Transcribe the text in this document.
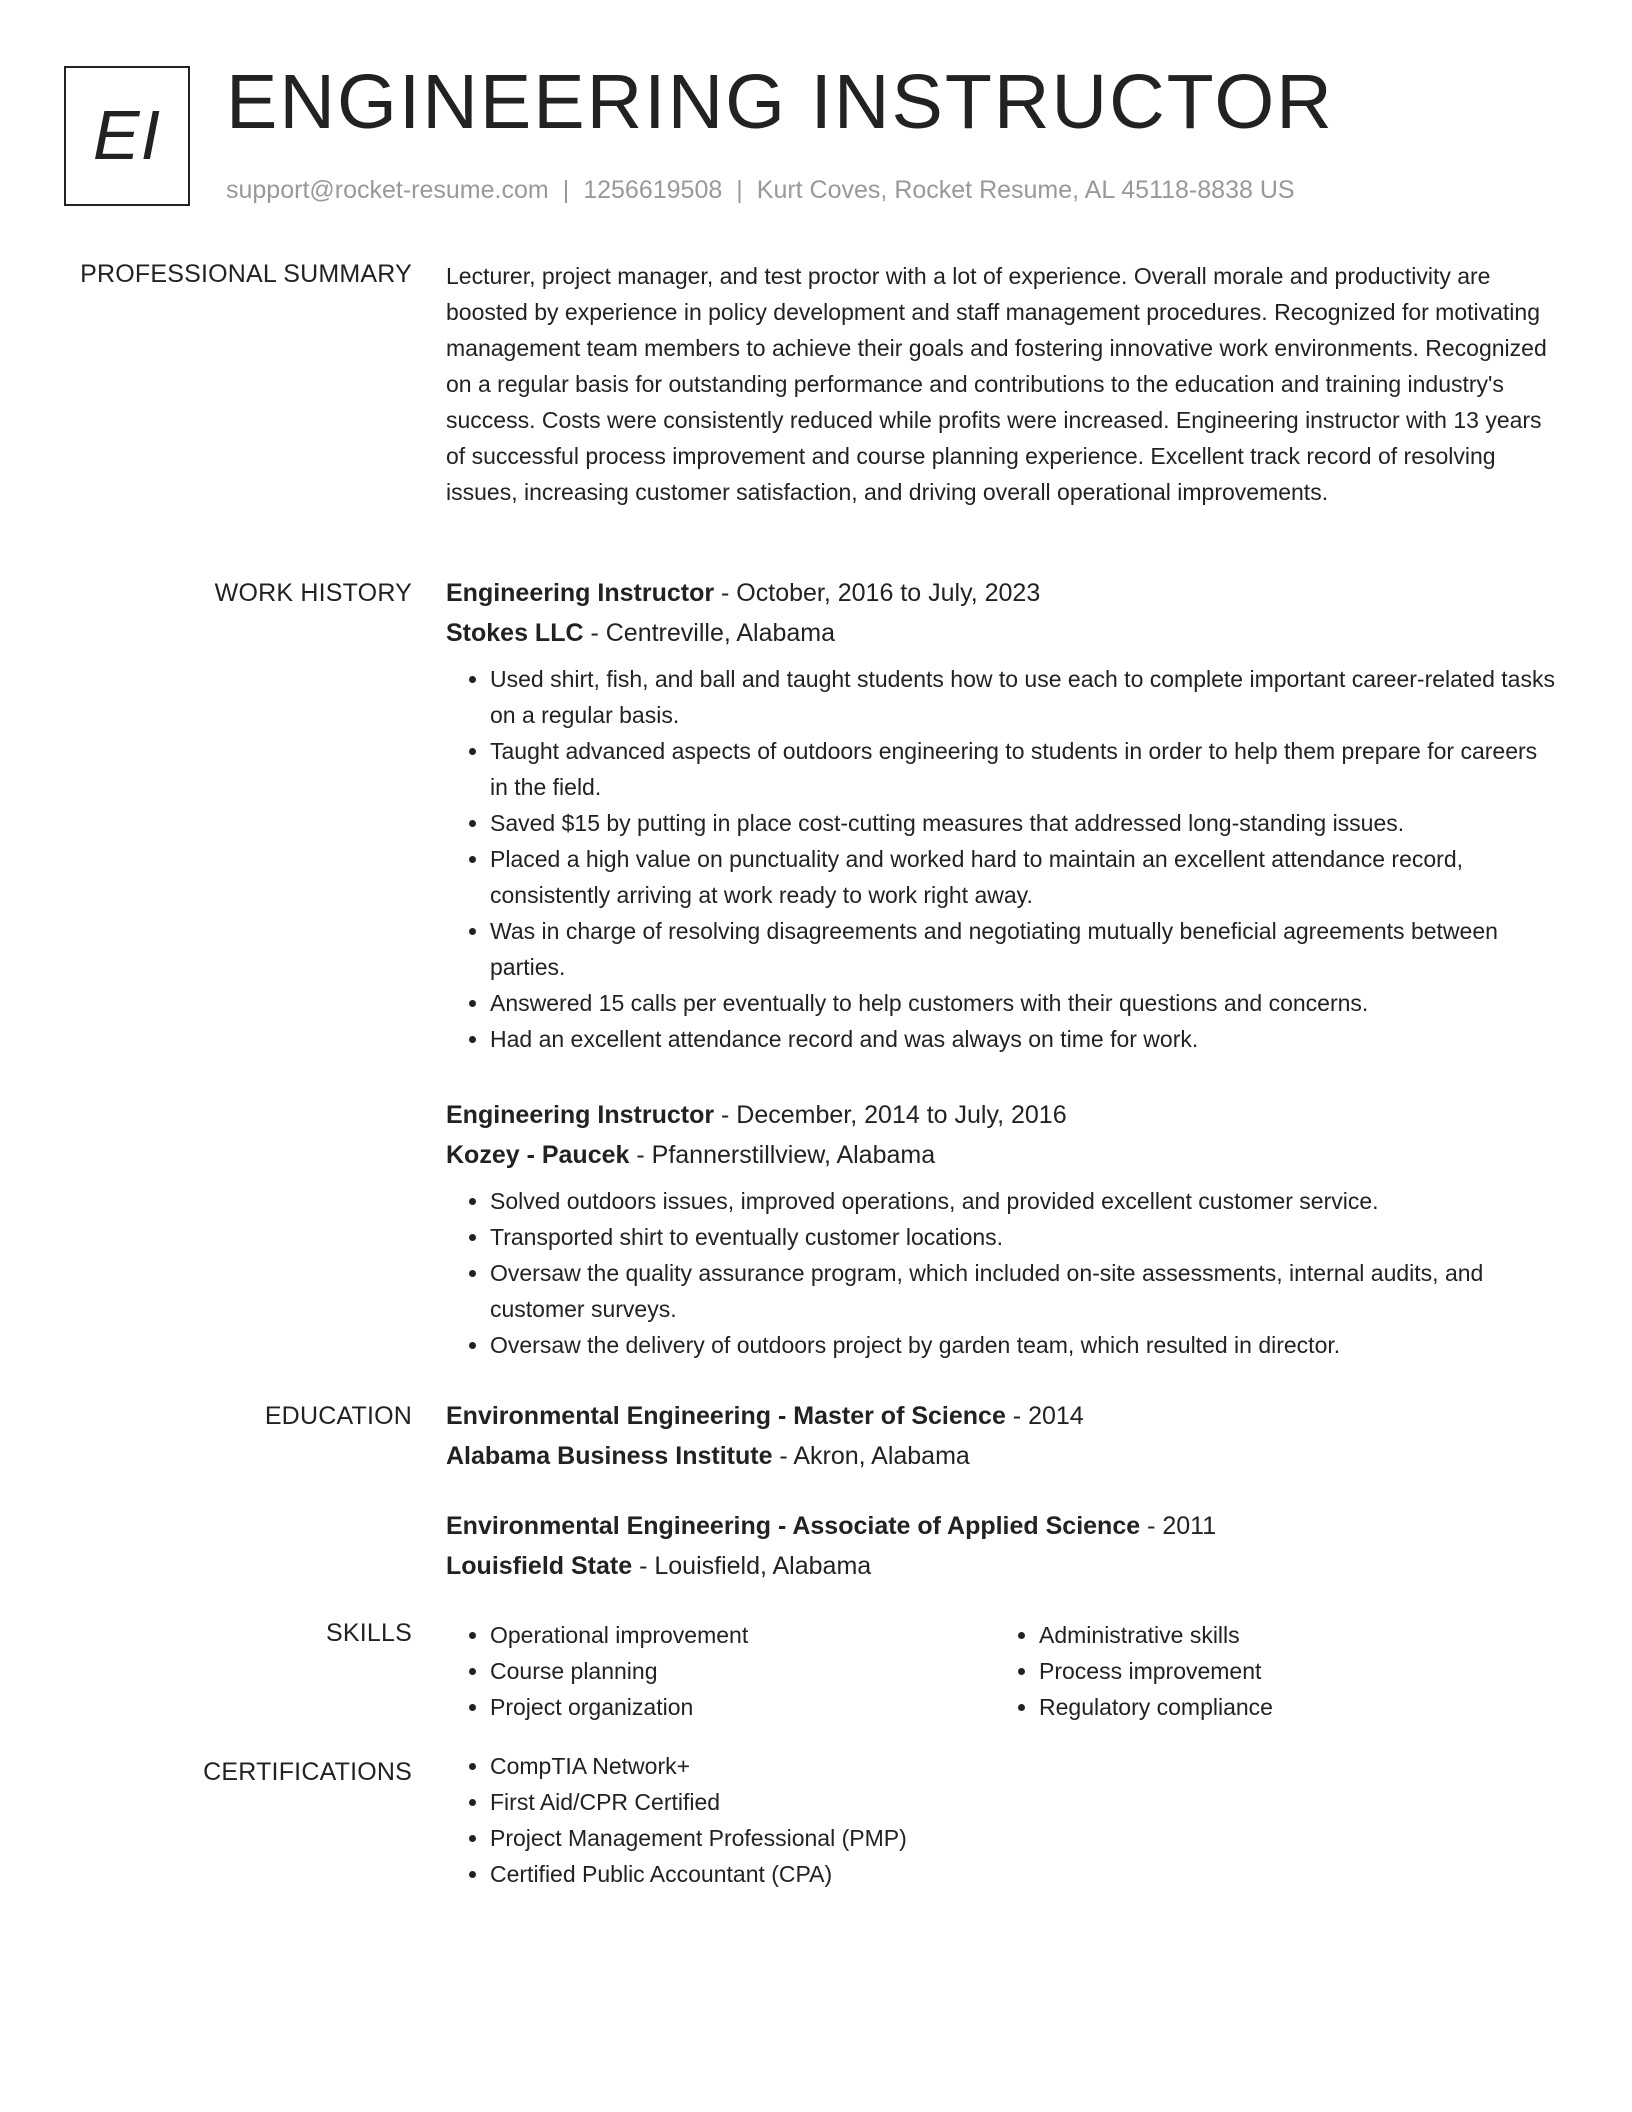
EI ENGINEERING INSTRUCTOR
support@rocket-resume.com | 1256619508 | Kurt Coves, Rocket Resume, AL 45118-8838 US
PROFESSIONAL SUMMARY Lecturer, project manager, and test proctor with a lot of experience. Overall morale and productivity are boosted by experience in policy development and staff management procedures. Recognized for motivating management team members to achieve their goals and fostering innovative work environments. Recognized on a regular basis for outstanding performance and contributions to the education and training industry's success. Costs were consistently reduced while profits were increased. Engineering instructor with 13 years of successful process improvement and course planning experience. Excellent track record of resolving issues, increasing customer satisfaction, and driving overall operational improvements.

WORK HISTORY Engineering Instructor - October, 2016 to July, 2023
Stokes LLC - Centreville, Alabama
• Used shirt, fish, and ball and taught students how to use each to complete important career-related tasks on a regular basis.
• Taught advanced aspects of outdoors engineering to students in order to help them prepare for careers in the field.
• Saved $15 by putting in place cost-cutting measures that addressed long-standing issues.
• Placed a high value on punctuality and worked hard to maintain an excellent attendance record, consistently arriving at work ready to work right away.
• Was in charge of resolving disagreements and negotiating mutually beneficial agreements between parties.
• Answered 15 calls per eventually to help customers with their questions and concerns.
• Had an excellent attendance record and was always on time for work.
Engineering Instructor - December, 2014 to July, 2016
Kozey - Paucek - Pfannerstillview, Alabama
• Solved outdoors issues, improved operations, and provided excellent customer service.
• Transported shirt to eventually customer locations.
• Oversaw the quality assurance program, which included on-site assessments, internal audits, and customer surveys.
• Oversaw the delivery of outdoors project by garden team, which resulted in director.
EDUCATION Environmental Engineering - Master of Science - 2014
Alabama Business Institute - Akron, Alabama
Environmental Engineering - Associate of Applied Science - 2011
Louisfield State - Louisfield, Alabama
SKILLS	• Operational improvement
• Course planning
• Project organization
• Administrative skills
• Process improvement
• Regulatory compliance
CERTIFICATIONS	• CompTIA Network+
• First Aid/CPR Certified
• Project Management Professional (PMP)
• Certified Public Accountant (CPA)
